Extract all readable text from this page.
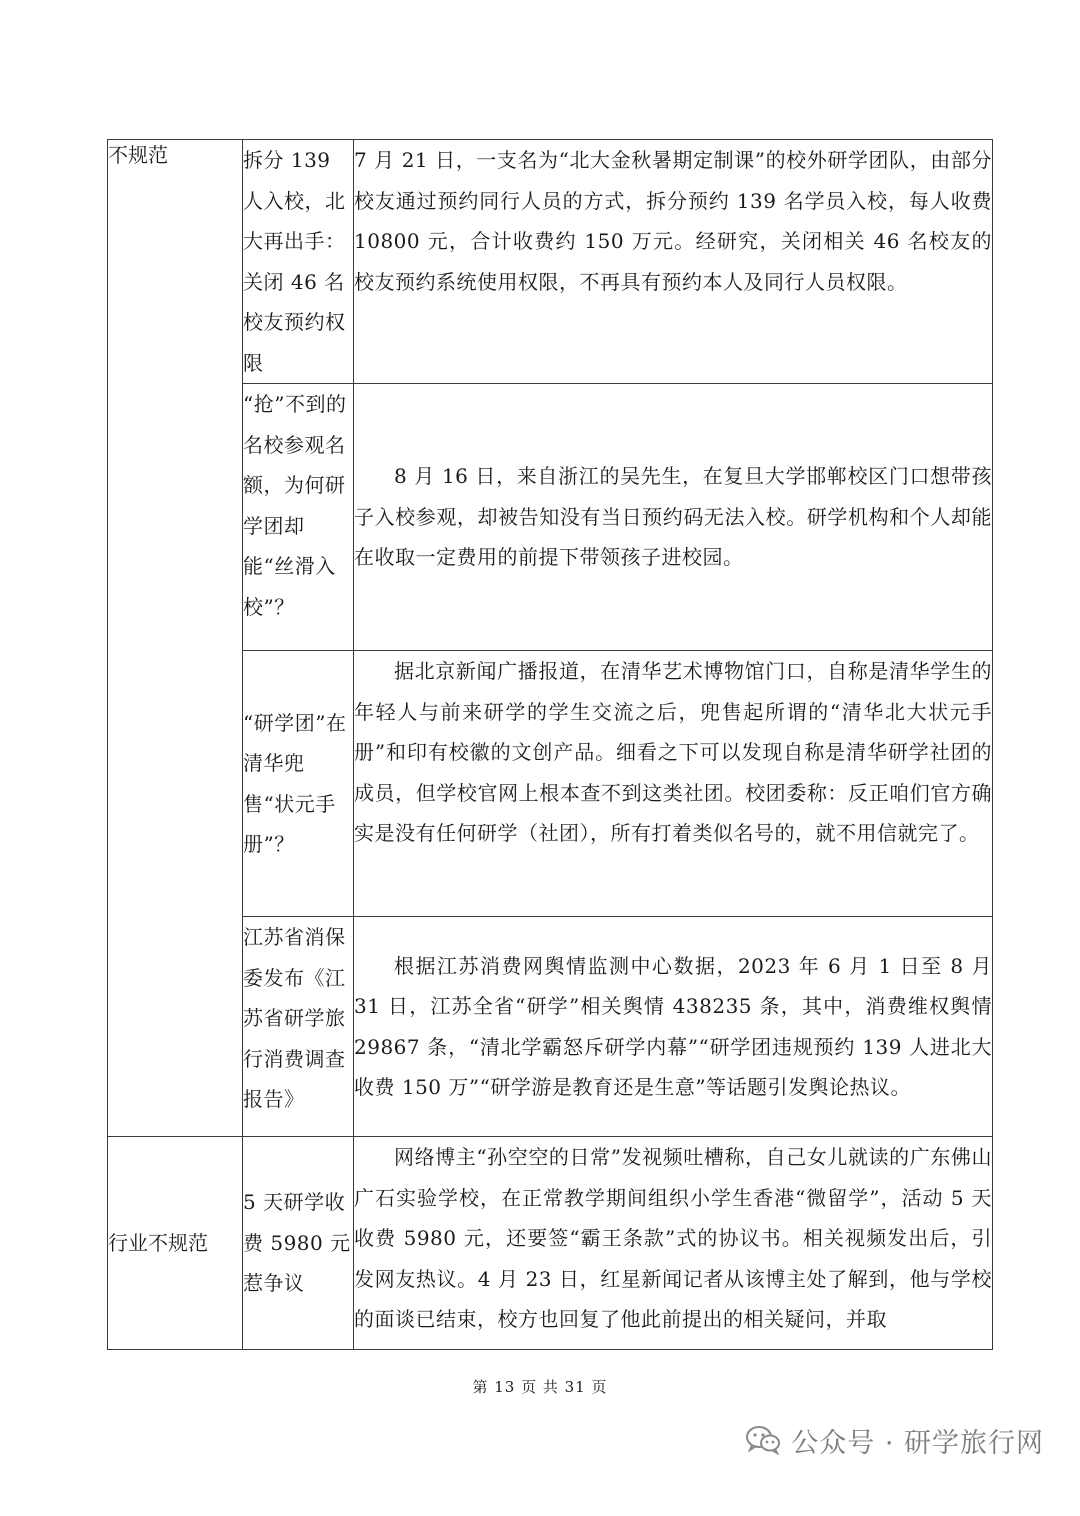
不规范	拆分 139 人入校，北大再出手：关闭 46 名校友预约权限	7 月 21 日，一支名为“北大金秋暑期定制课”的校外研学团队，由部分校友通过预约同行人员的方式，拆分预约 139 名学员入校，每人收费 10800 元，合计收费约 150 万元。经研究，关闭相关 46 名校友的校友预约系统使用权限，不再具有预约本人及同行人员权限。
	“抢”不到的名校参观名额，为何研学团却能“丝滑入校”？	8 月 16 日，来自浙江的吴先生，在复旦大学邯郸校区门口想带孩子入校参观，却被告知没有当日预约码无法入校。研学机构和个人却能在收取一定费用的前提下带领孩子进校园。
	“研学团”在清华兜售“状元手册”？	据北京新闻广播报道，在清华艺术博物馆门口，自称是清华学生的年轻人与前来研学的学生交流之后，兜售起所谓的“清华北大状元手册”和印有校徽的文创产品。细看之下可以发现自称是清华研学社团的成员，但学校官网上根本查不到这类社团。校团委称：反正咱们官方确实是没有任何研学（社团），所有打着类似名号的，就不用信就完了。
	江苏省消保委发布《江苏省研学旅行消费调查报告》	根据江苏消费网舆情监测中心数据，2023 年 6 月 1 日至 8 月 31 日，江苏全省“研学”相关舆情 438235 条，其中，消费维权舆情 29867 条，“清北学霸怒斥研学内幕”“研学团违规预约 139 人进北大收费 150 万”“研学游是教育还是生意”等话题引发舆论热议。
行业不规范	5 天研学收费 5980 元惹争议	网络博主“孙空空的日常”发视频吐槽称，自己女儿就读的广东佛山广石实验学校，在正常教学期间组织小学生香港“微留学”，活动 5 天收费 5980 元，还要签“霸王条款”式的协议书。相关视频发出后，引发网友热议。4 月 23 日，红星新闻记者从该博主处了解到，他与学校的面谈已结束，校方也回复了他此前提出的相关疑问，并取
第 13 页 共 31 页
公众号 · 研学旅行网
